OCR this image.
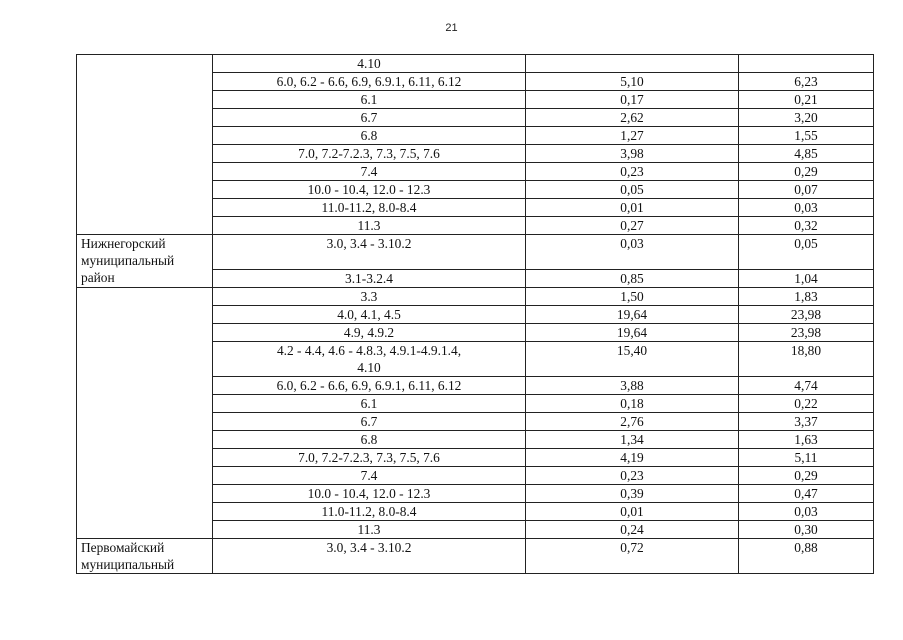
21
	4.10		
	6.0, 6.2 - 6.6, 6.9, 6.9.1, 6.11, 6.12	5,10	6,23
	6.1	0,17	0,21
	6.7	2,62	3,20
	6.8	1,27	1,55
	7.0, 7.2-7.2.3, 7.3, 7.5, 7.6	3,98	4,85
	7.4	0,23	0,29
	10.0 - 10.4, 12.0 - 12.3	0,05	0,07
	11.0-11.2, 8.0-8.4	0,01	0,03
	11.3	0,27	0,32

Нижнегорский
муниципальный
район	3.0, 3.4 - 3.10.2	0,03	0,05
	3.1-3.2.4	0,85	1,04
	3.3	1,50	1,83
	4.0, 4.1, 4.5	19,64	23,98
	4.9, 4.9.2	19,64	23,98

	4.2 - 4.4, 4.6 - 4.8.3, 4.9.1-4.9.1.4,
4.10	15,40	18,80
	6.0, 6.2 - 6.6, 6.9, 6.9.1, 6.11, 6.12	3,88	4,74
	6.1	0,18	0,22
	6.7	2,76	3,37
	6.8	1,34	1,63
	7.0, 7.2-7.2.3, 7.3, 7.5, 7.6	4,19	5,11
	7.4	0,23	0,29
	10.0 - 10.4, 12.0 - 12.3	0,39	0,47
	11.0-11.2, 8.0-8.4	0,01	0,03
	11.3	0,24	0,30

Первомайский
муниципальный	3.0, 3.4 - 3.10.2	0,72	0,88
